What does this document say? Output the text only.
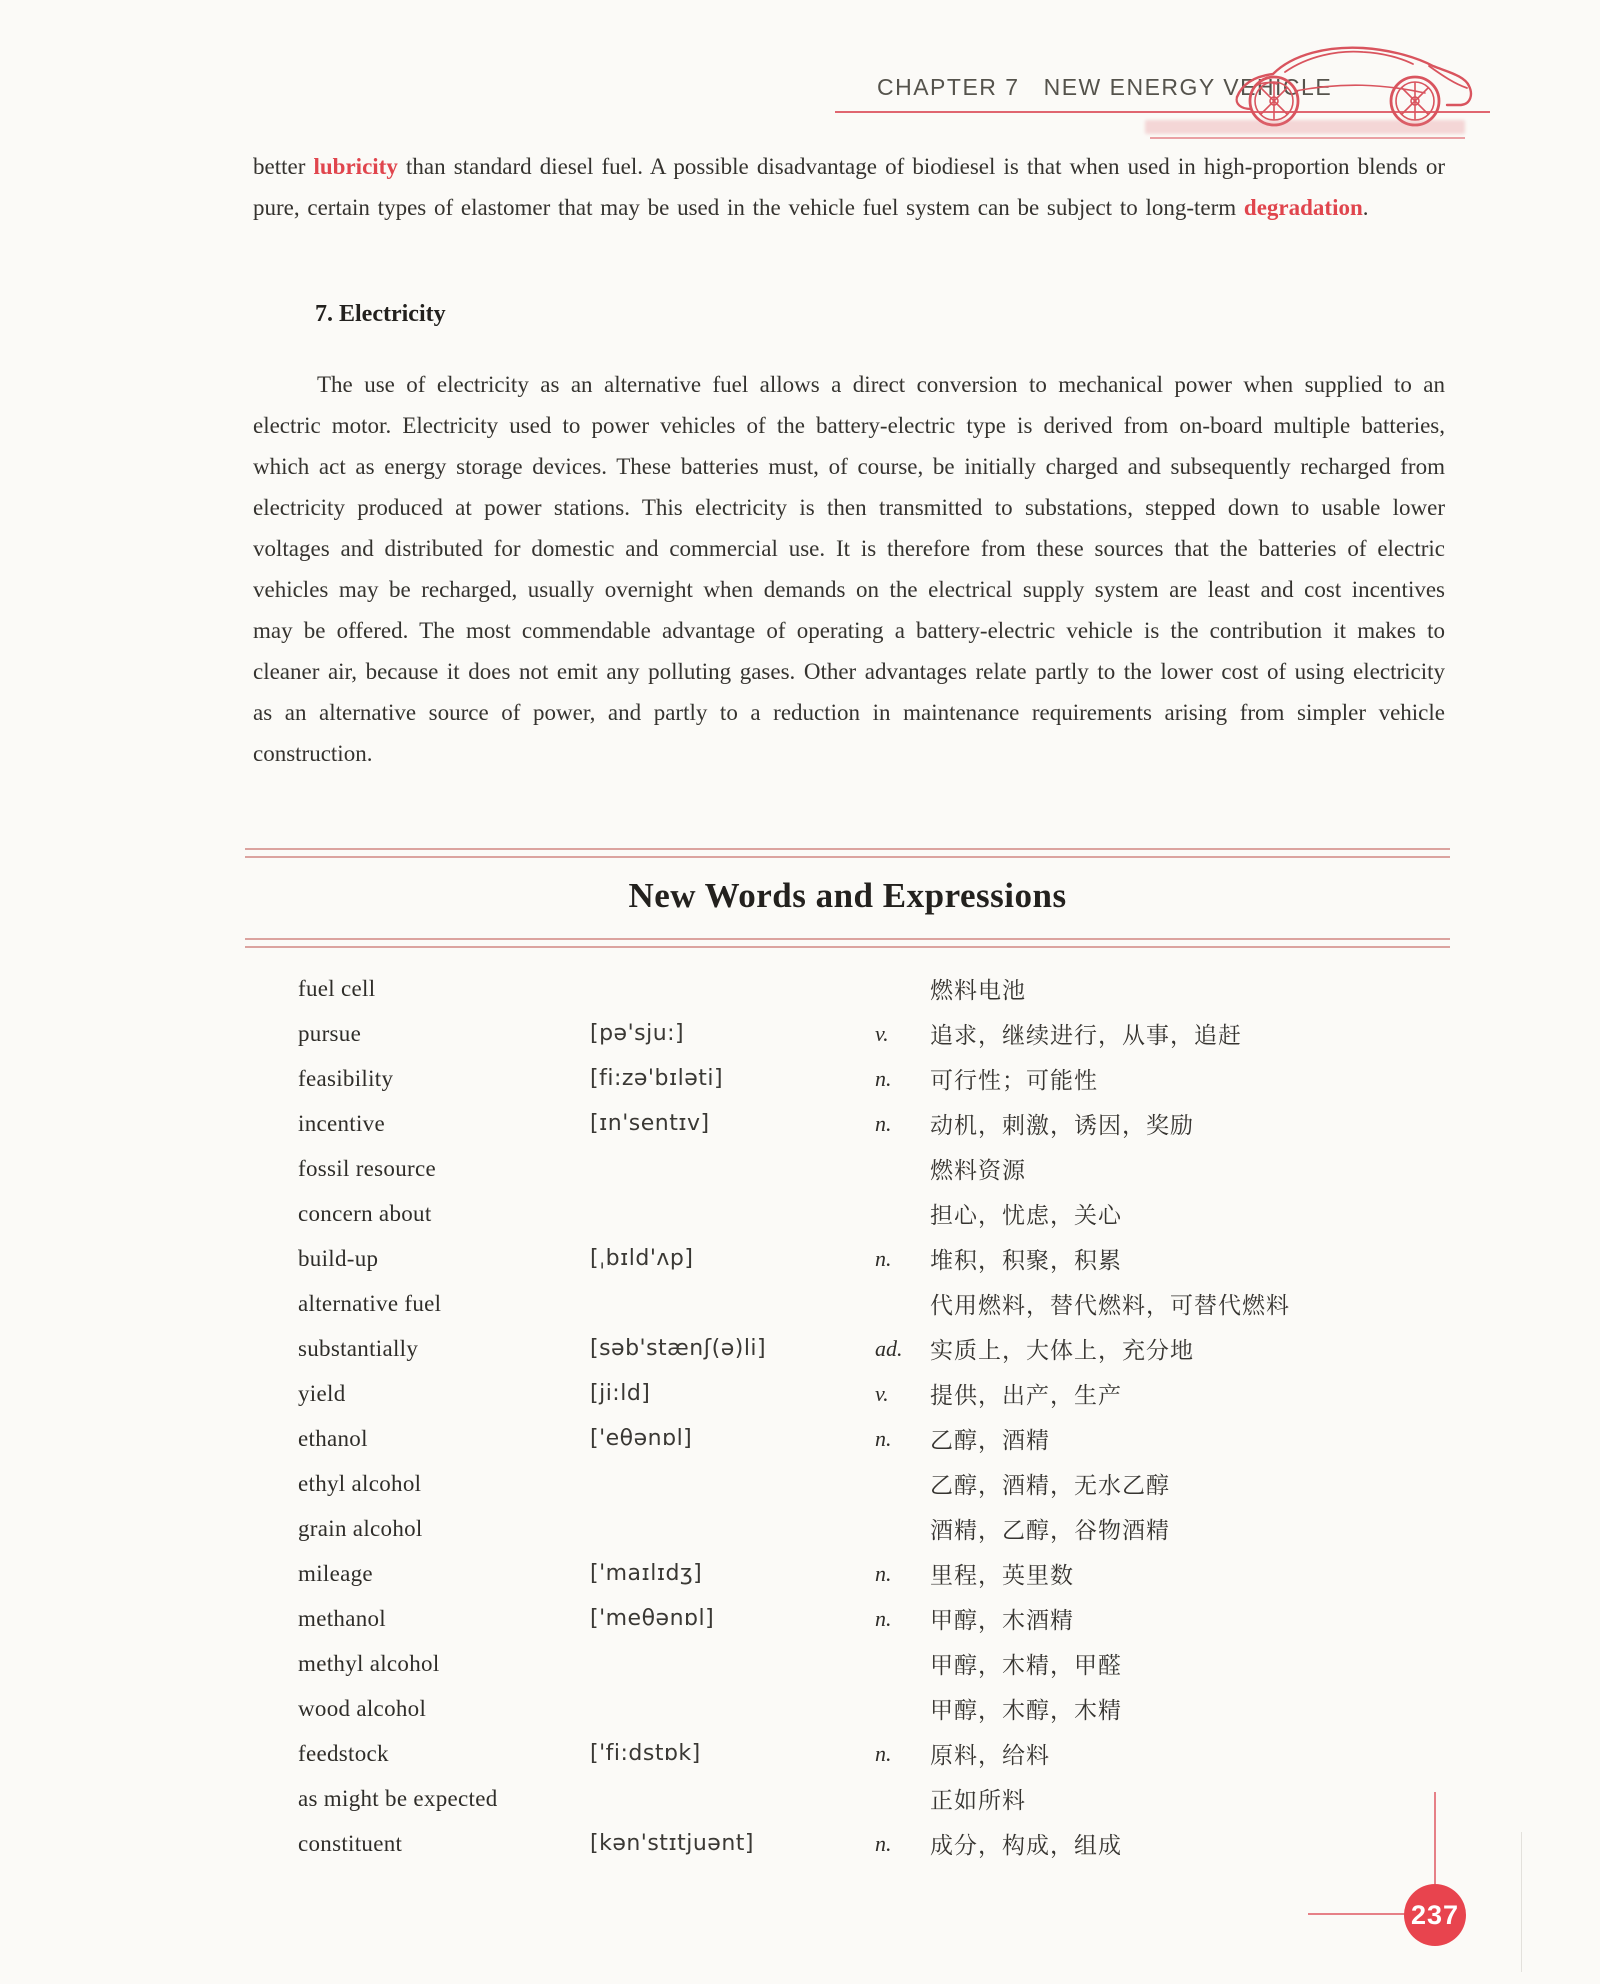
CHAPTER 7 NEW ENERGY VEHICLE

better lubricity than standard diesel fuel. A possible disadvantage of biodiesel is that when used in high-proportion blends or pure, certain types of elastomer that may be used in the vehicle fuel system can be subject to long-term degradation.

7. Electricity

The use of electricity as an alternative fuel allows a direct conversion to mechanical power when supplied to an electric motor. Electricity used to power vehicles of the battery-electric type is derived from on-board multiple batteries, which act as energy storage devices. These batteries must, of course, be initially charged and subsequently recharged from electricity produced at power stations. This electricity is then transmitted to substations, stepped down to usable lower voltages and distributed for domestic and commercial use. It is therefore from these sources that the batteries of electric vehicles may be recharged, usually overnight when demands on the electrical supply system are least and cost incentives may be offered. The most commendable advantage of operating a battery-electric vehicle is the contribution it makes to cleaner air, because it does not emit any polluting gases. Other advantages relate partly to the lower cost of using electricity as an alternative source of power, and partly to a reduction in maintenance requirements arising from simpler vehicle construction.

New Words and Expressions
fuel cell	燃料电池
pursue	[pə'sju:]	v.	追求，继续进行，从事，追赶
feasibility	[fi:zə'bɪləti]	n.	可行性；可能性
incentive	[ɪn'sentɪv]	n.	动机，刺激，诱因，奖励
fossil resource	燃料资源
concern about	担心，忧虑，关心
build-up	[ˌbɪld'ʌp]	n.	堆积，积聚，积累
alternative fuel	代用燃料，替代燃料，可替代燃料
substantially	[səb'stænʃ(ə)li]	ad.	实质上，大体上，充分地
yield	[ji:ld]	v.	提供，出产，生产
ethanol	['eθənɒl]	n.	乙醇，酒精
ethyl alcohol	乙醇，酒精，无水乙醇
grain alcohol	酒精，乙醇，谷物酒精
mileage	['maɪlɪdʒ]	n.	里程，英里数
methanol	['meθənɒl]	n.	甲醇，木酒精
methyl alcohol	甲醇，木精，甲醛
wood alcohol	甲醇，木醇，木精
feedstock	['fi:dstɒk]	n.	原料，给料
as might be expected	正如所料
constituent	[kən'stɪtjuənt]	n.	成分，构成，组成
237
